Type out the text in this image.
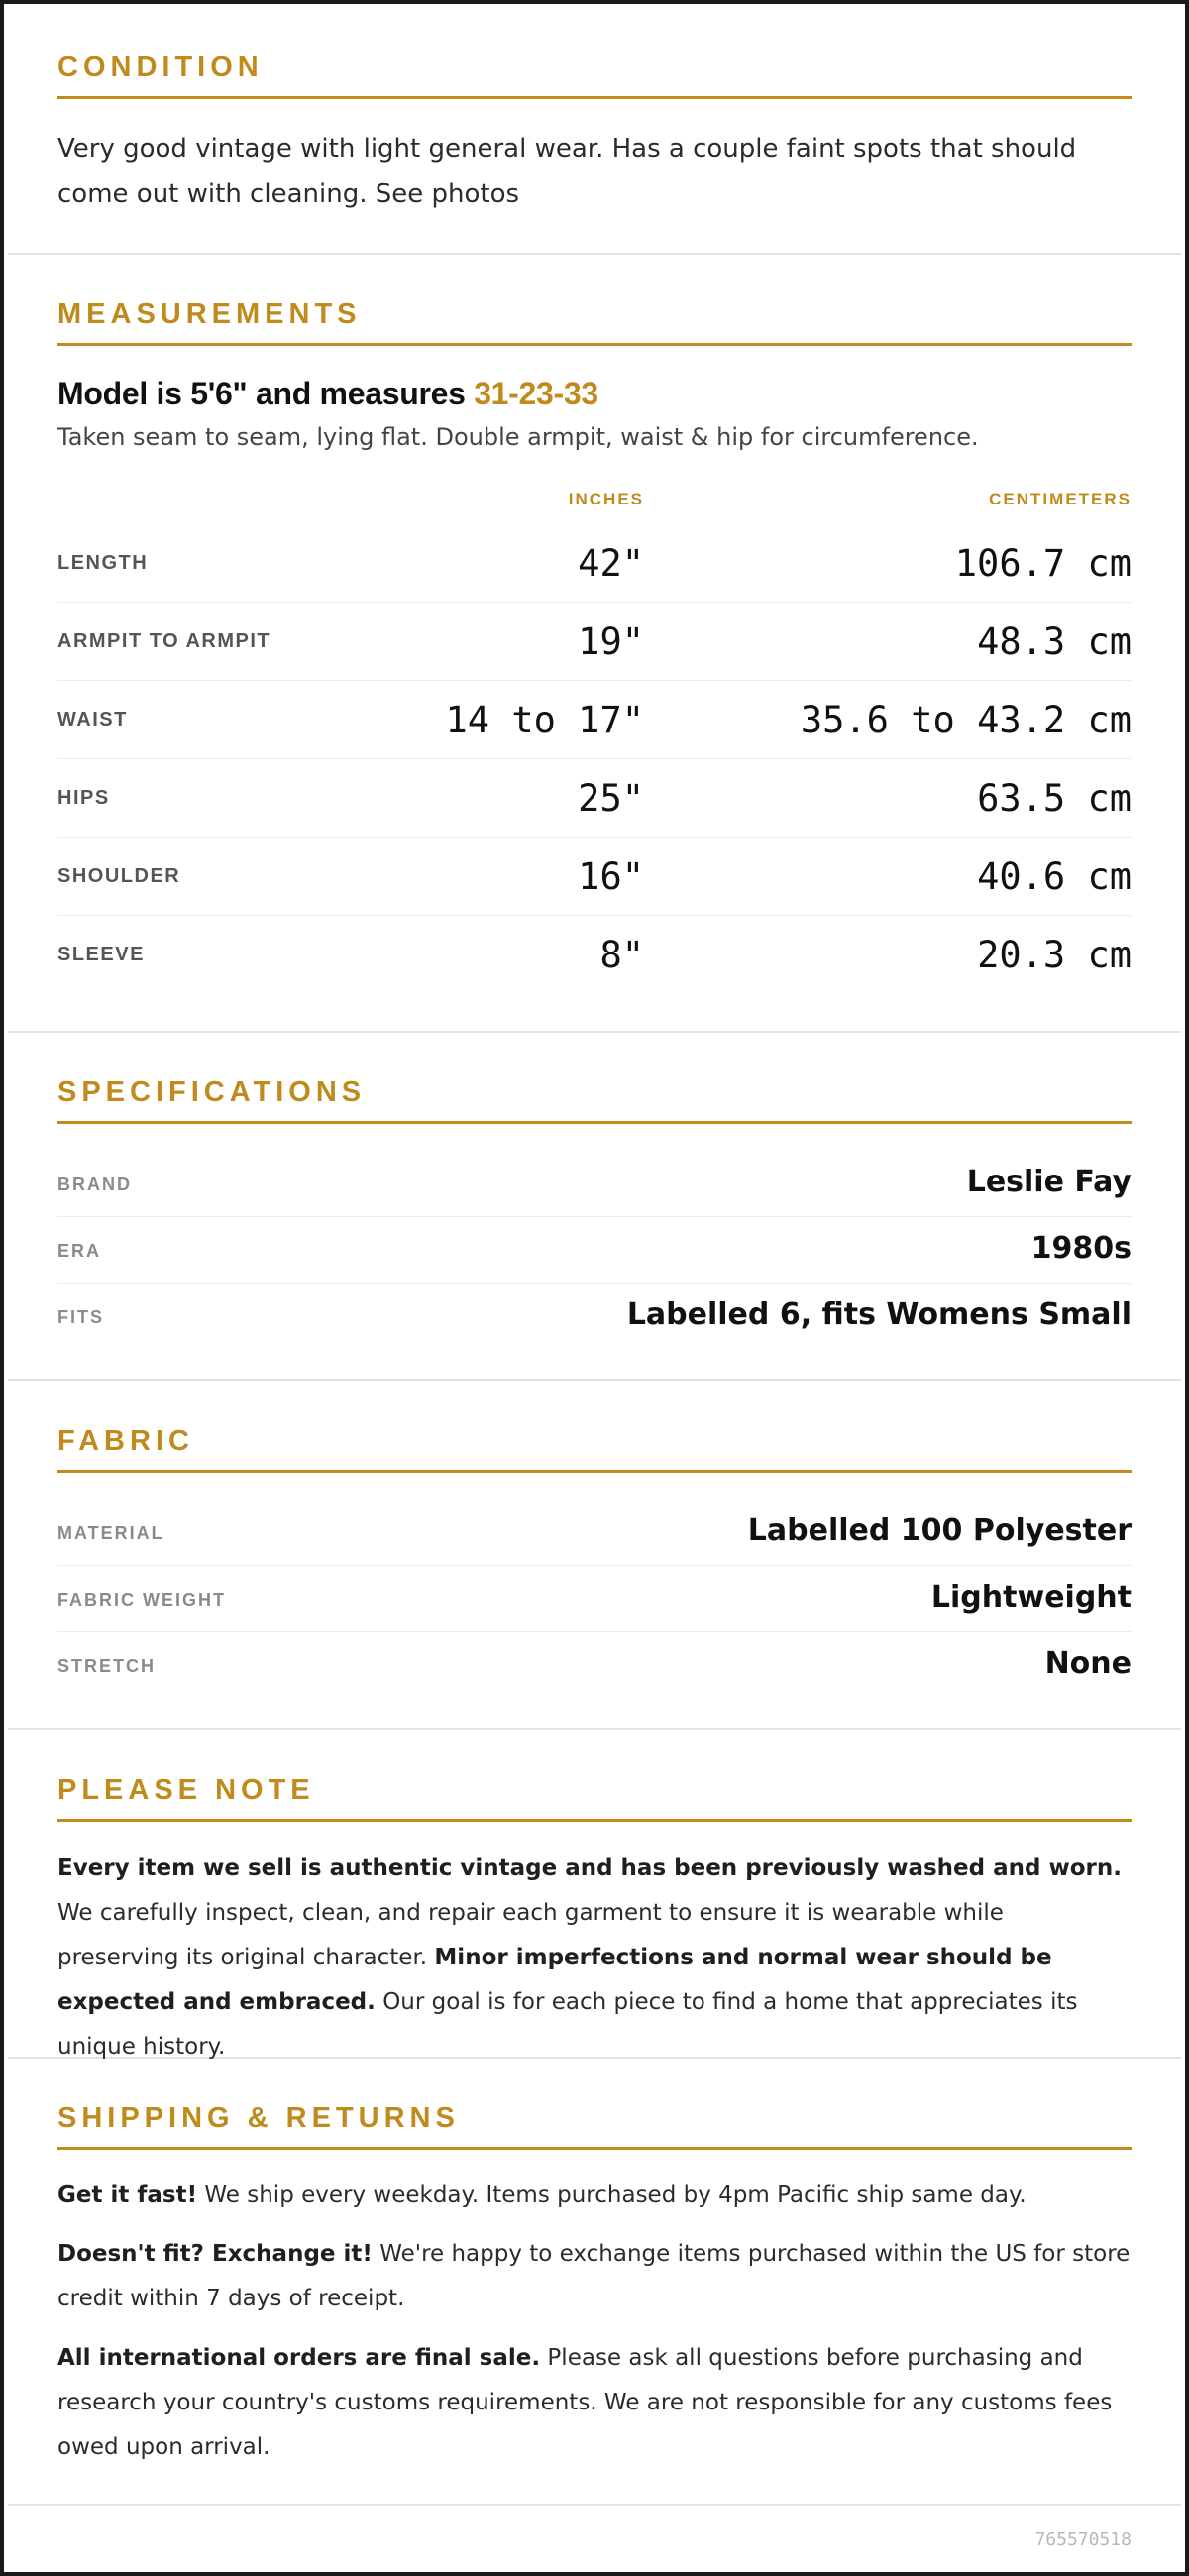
CONDITION
Very good vintage with light general wear. Has a couple faint spots that should come out with cleaning. See photos
MEASUREMENTS
Model is 5'6" and measures 31-23-33
Taken seam to seam, lying flat. Double armpit, waist & hip for circumference.
INCHES	CENTIMETERS
LENGTH	42"	106.7 cm
ARMPIT TO ARMPIT	19"	48.3 cm
WAIST	14 to 17"	35.6 to 43.2 cm
HIPS	25"	63.5 cm
SHOULDER	16"	40.6 cm
SLEEVE	8"	20.3 cm
SPECIFICATIONS
BRAND	Leslie Fay
ERA	1980s
FITS	Labelled 6, fits Womens Small
FABRIC
MATERIAL	Labelled 100 Polyester
FABRIC WEIGHT	Lightweight
STRETCH	None
PLEASE NOTE
Every item we sell is authentic vintage and has been previously washed and worn. We carefully inspect, clean, and repair each garment to ensure it is wearable while preserving its original character. Minor imperfections and normal wear should be expected and embraced. Our goal is for each piece to find a home that appreciates its unique history.
SHIPPING & RETURNS
Get it fast! We ship every weekday. Items purchased by 4pm Pacific ship same day.
Doesn't fit? Exchange it! We're happy to exchange items purchased within the US for store credit within 7 days of receipt.
All international orders are final sale. Please ask all questions before purchasing and research your country's customs requirements. We are not responsible for any customs fees owed upon arrival.
765570518
